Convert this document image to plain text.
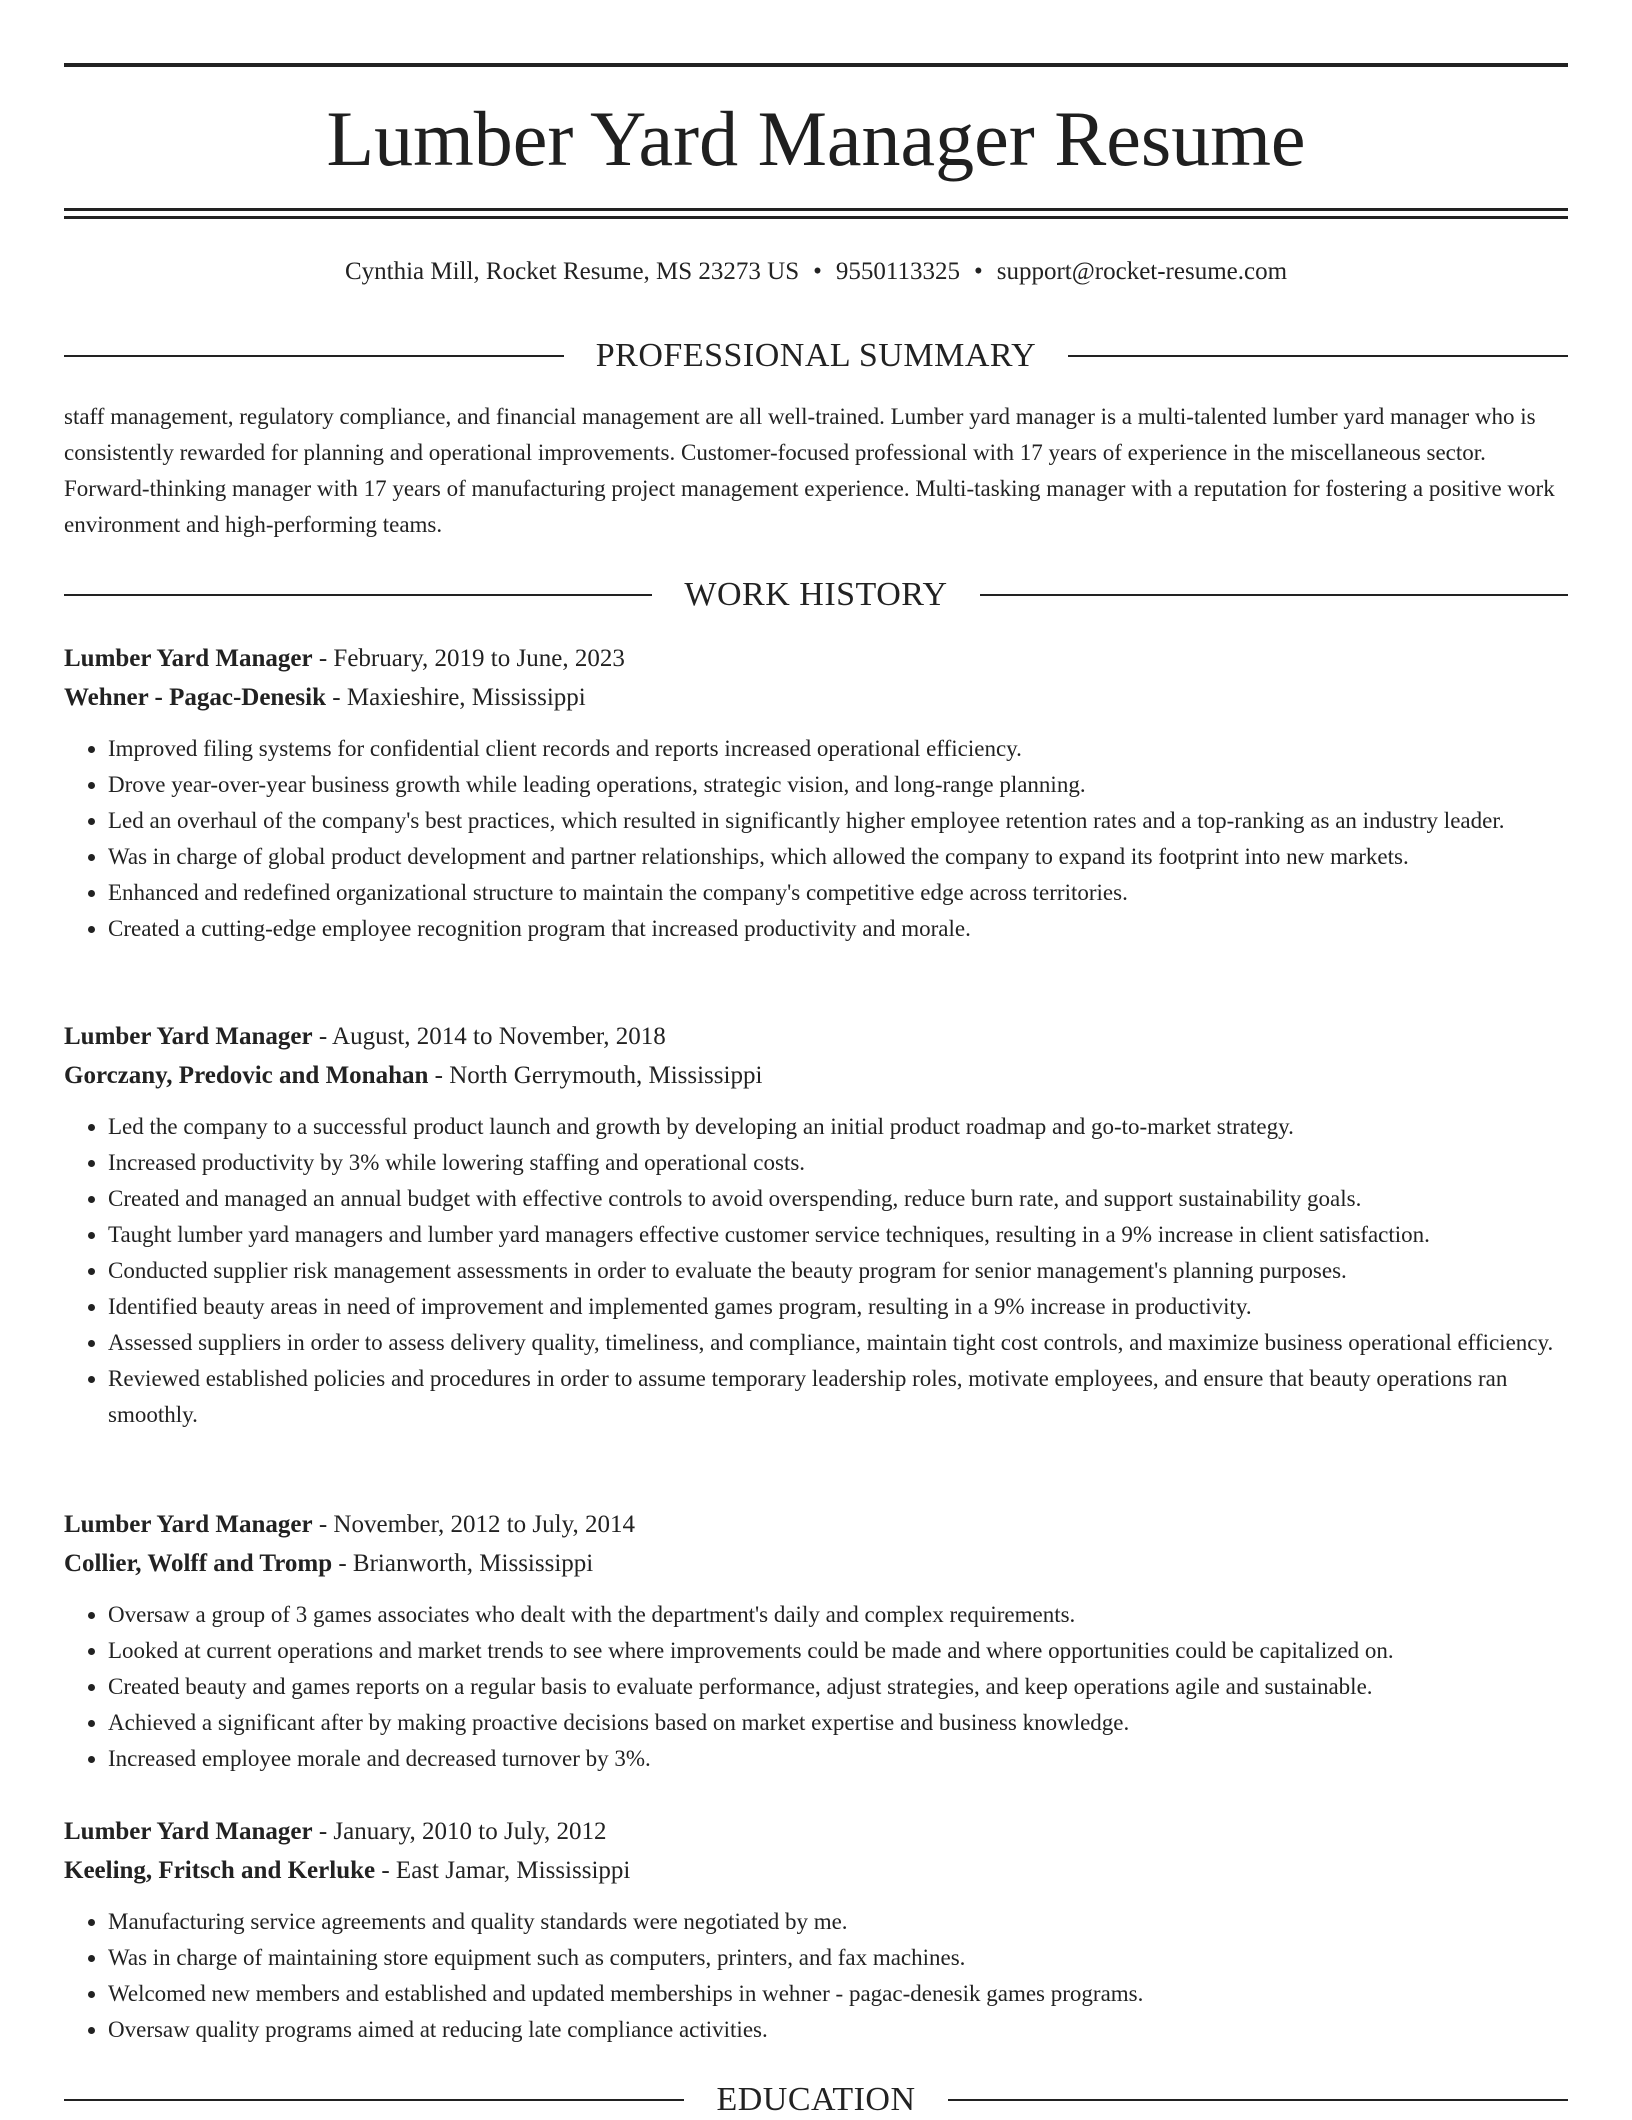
Lumber Yard Manager Resume
Cynthia Mill, Rocket Resume, MS 23273 US • 9550113325 • support@rocket-resume.com
PROFESSIONAL SUMMARY

staff management, regulatory compliance, and financial management are all well-trained. Lumber yard manager is a multi-talented lumber yard manager who is consistently rewarded for planning and operational improvements. Customer-focused professional with 17 years of experience in the miscellaneous sector. Forward-thinking manager with 17 years of manufacturing project management experience. Multi-tasking manager with a reputation for fostering a positive work environment and high-performing teams.

WORK HISTORY

Lumber Yard Manager - February, 2019 to June, 2023

Wehner - Pagac-Denesik - Maxieshire, Mississippi

• Improved filing systems for confidential client records and reports increased operational efficiency.
• Drove year-over-year business growth while leading operations, strategic vision, and long-range planning.
• Led an overhaul of the company's best practices, which resulted in significantly higher employee retention rates and a top-ranking as an industry leader.
• Was in charge of global product development and partner relationships, which allowed the company to expand its footprint into new markets.
• Enhanced and redefined organizational structure to maintain the company's competitive edge across territories.
• Created a cutting-edge employee recognition program that increased productivity and morale.

Lumber Yard Manager - August, 2014 to November, 2018

Gorczany, Predovic and Monahan - North Gerrymouth, Mississippi

• Led the company to a successful product launch and growth by developing an initial product roadmap and go-to-market strategy.
• Increased productivity by 3% while lowering staffing and operational costs.
• Created and managed an annual budget with effective controls to avoid overspending, reduce burn rate, and support sustainability goals.
• Taught lumber yard managers and lumber yard managers effective customer service techniques, resulting in a 9% increase in client satisfaction.
• Conducted supplier risk management assessments in order to evaluate the beauty program for senior management's planning purposes.
• Identified beauty areas in need of improvement and implemented games program, resulting in a 9% increase in productivity.
• Assessed suppliers in order to assess delivery quality, timeliness, and compliance, maintain tight cost controls, and maximize business operational efficiency.
• Reviewed established policies and procedures in order to assume temporary leadership roles, motivate employees, and ensure that beauty operations ran smoothly.

Lumber Yard Manager - November, 2012 to July, 2014

Collier, Wolff and Tromp - Brianworth, Mississippi

• Oversaw a group of 3 games associates who dealt with the department's daily and complex requirements.
• Looked at current operations and market trends to see where improvements could be made and where opportunities could be capitalized on.
• Created beauty and games reports on a regular basis to evaluate performance, adjust strategies, and keep operations agile and sustainable.
• Achieved a significant after by making proactive decisions based on market expertise and business knowledge.
• Increased employee morale and decreased turnover by 3%.

Lumber Yard Manager - January, 2010 to July, 2012

Keeling, Fritsch and Kerluke - East Jamar, Mississippi

• Manufacturing service agreements and quality standards were negotiated by me.
• Was in charge of maintaining store equipment such as computers, printers, and fax machines.
• Welcomed new members and established and updated memberships in wehner - pagac-denesik games programs.
• Oversaw quality programs aimed at reducing late compliance activities.
EDUCATION
